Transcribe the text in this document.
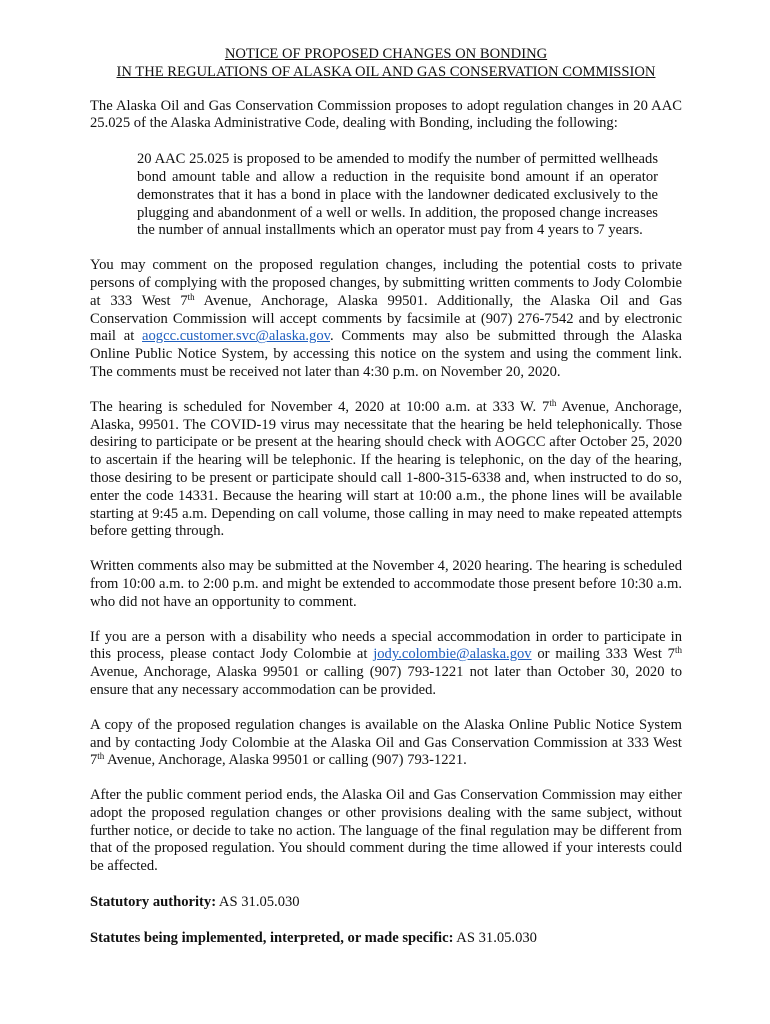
NOTICE OF PROPOSED CHANGES ON BONDING
IN THE REGULATIONS OF ALASKA OIL AND GAS CONSERVATION COMMISSION

The Alaska Oil and Gas Conservation Commission proposes to adopt regulation changes in 20 AAC 25.025 of the Alaska Administrative Code, dealing with Bonding, including the following:

20 AAC 25.025 is proposed to be amended to modify the number of permitted wellheads bond amount table and allow a reduction in the requisite bond amount if an operator demonstrates that it has a bond in place with the landowner dedicated exclusively to the plugging and abandonment of a well or wells. In addition, the proposed change increases the number of annual installments which an operator must pay from 4 years to 7 years.

You may comment on the proposed regulation changes, including the potential costs to private persons of complying with the proposed changes, by submitting written comments to Jody Colombie at 333 West 7th Avenue, Anchorage, Alaska 99501. Additionally, the Alaska Oil and Gas Conservation Commission will accept comments by facsimile at (907) 276-7542 and by electronic mail at aogcc.customer.svc@alaska.gov. Comments may also be submitted through the Alaska Online Public Notice System, by accessing this notice on the system and using the comment link. The comments must be received not later than 4:30 p.m. on November 20, 2020.

The hearing is scheduled for November 4, 2020 at 10:00 a.m. at 333 W. 7th Avenue, Anchorage, Alaska, 99501. The COVID-19 virus may necessitate that the hearing be held telephonically. Those desiring to participate or be present at the hearing should check with AOGCC after October 25, 2020 to ascertain if the hearing will be telephonic. If the hearing is telephonic, on the day of the hearing, those desiring to be present or participate should call 1-800-315-6338 and, when instructed to do so, enter the code 14331. Because the hearing will start at 10:00 a.m., the phone lines will be available starting at 9:45 a.m. Depending on call volume, those calling in may need to make repeated attempts before getting through.

Written comments also may be submitted at the November 4, 2020 hearing. The hearing is scheduled from 10:00 a.m. to 2:00 p.m. and might be extended to accommodate those present before 10:30 a.m. who did not have an opportunity to comment.

If you are a person with a disability who needs a special accommodation in order to participate in this process, please contact Jody Colombie at jody.colombie@alaska.gov or mailing 333 West 7th Avenue, Anchorage, Alaska 99501 or calling (907) 793-1221 not later than October 30, 2020 to ensure that any necessary accommodation can be provided.

A copy of the proposed regulation changes is available on the Alaska Online Public Notice System and by contacting Jody Colombie at the Alaska Oil and Gas Conservation Commission at 333 West 7th Avenue, Anchorage, Alaska 99501 or calling (907) 793-1221.

After the public comment period ends, the Alaska Oil and Gas Conservation Commission may either adopt the proposed regulation changes or other provisions dealing with the same subject, without further notice, or decide to take no action. The language of the final regulation may be different from that of the proposed regulation. You should comment during the time allowed if your interests could be affected.

Statutory authority: AS 31.05.030

Statutes being implemented, interpreted, or made specific: AS 31.05.030
